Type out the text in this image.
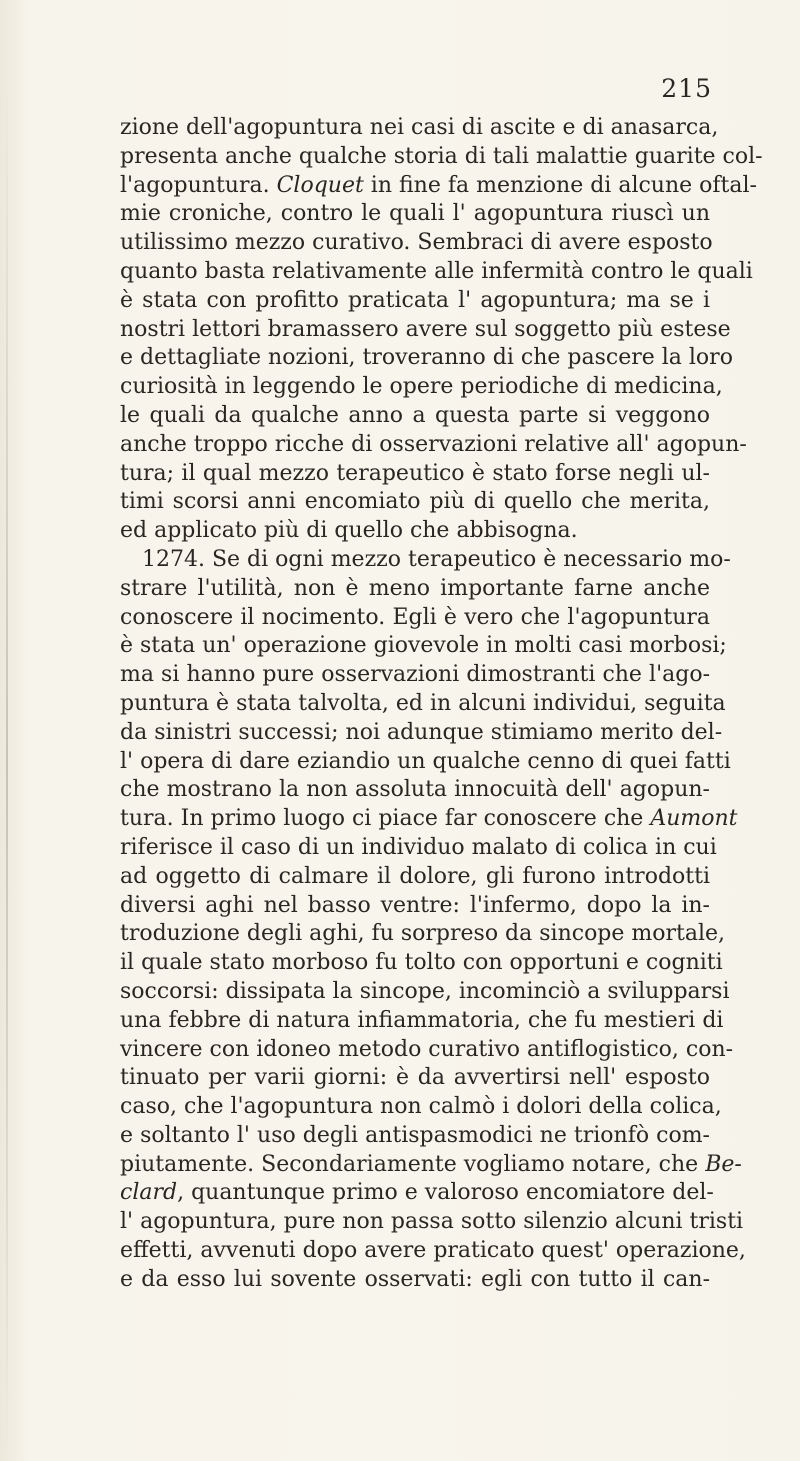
215
zione dell'agopuntura nei casi di ascite e di anasarca,
presenta anche qualche storia di tali malattie guarite col-
l'agopuntura. Cloquet in fine fa menzione di alcune oftal-
mie croniche, contro le quali l' agopuntura riuscì un
utilissimo mezzo curativo. Sembraci di avere esposto
quanto basta relativamente alle infermità contro le quali
è stata con profitto praticata l' agopuntura; ma se i
nostri lettori bramassero avere sul soggetto più estese
e dettagliate nozioni, troveranno di che pascere la loro
curiosità in leggendo le opere periodiche di medicina,
le quali da qualche anno a questa parte si veggono
anche troppo ricche di osservazioni relative all' agopun-
tura; il qual mezzo terapeutico è stato forse negli ul-
timi scorsi anni encomiato più di quello che merita,
ed applicato più di quello che abbisogna.
1274. Se di ogni mezzo terapeutico è necessario mo-
strare l'utilità, non è meno importante farne anche
conoscere il nocimento. Egli è vero che l'agopuntura
è stata un' operazione giovevole in molti casi morbosi;
ma si hanno pure osservazioni dimostranti che l'ago-
puntura è stata talvolta, ed in alcuni individui, seguita
da sinistri successi; noi adunque stimiamo merito del-
l' opera di dare eziandio un qualche cenno di quei fatti
che mostrano la non assoluta innocuità dell' agopun-
tura. In primo luogo ci piace far conoscere che Aumont
riferisce il caso di un individuo malato di colica in cui
ad oggetto di calmare il dolore, gli furono introdotti
diversi aghi nel basso ventre: l'infermo, dopo la in-
troduzione degli aghi, fu sorpreso da sincope mortale,
il quale stato morboso fu tolto con opportuni e cogniti
soccorsi: dissipata la sincope, incominciò a svilupparsi
una febbre di natura infiammatoria, che fu mestieri di
vincere con idoneo metodo curativo antiflogistico, con-
tinuato per varii giorni: è da avvertirsi nell' esposto
caso, che l'agopuntura non calmò i dolori della colica,
e soltanto l' uso degli antispasmodici ne trionfò com-
piutamente. Secondariamente vogliamo notare, che Be-
clard, quantunque primo e valoroso encomiatore del-
l' agopuntura, pure non passa sotto silenzio alcuni tristi
effetti, avvenuti dopo avere praticato quest' operazione,
e da esso lui sovente osservati: egli con tutto il can-
